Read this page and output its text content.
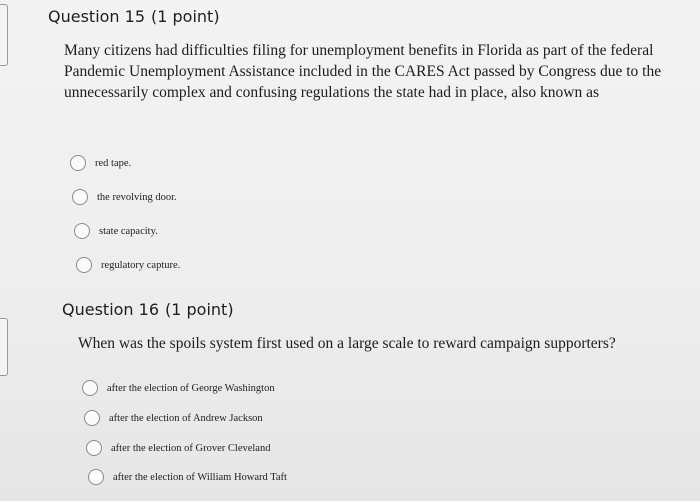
Question 15 (1 point)
Many citizens had difficulties filing for unemployment benefits in Florida as part of the federal Pandemic Unemployment Assistance included in the CARES Act passed by Congress due to the unnecessarily complex and confusing regulations the state had in place, also known as
red tape.
the revolving door.
state capacity.
regulatory capture.
Question 16 (1 point)
When was the spoils system first used on a large scale to reward campaign supporters?
after the election of George Washington
after the election of Andrew Jackson
after the election of Grover Cleveland
after the election of William Howard Taft
